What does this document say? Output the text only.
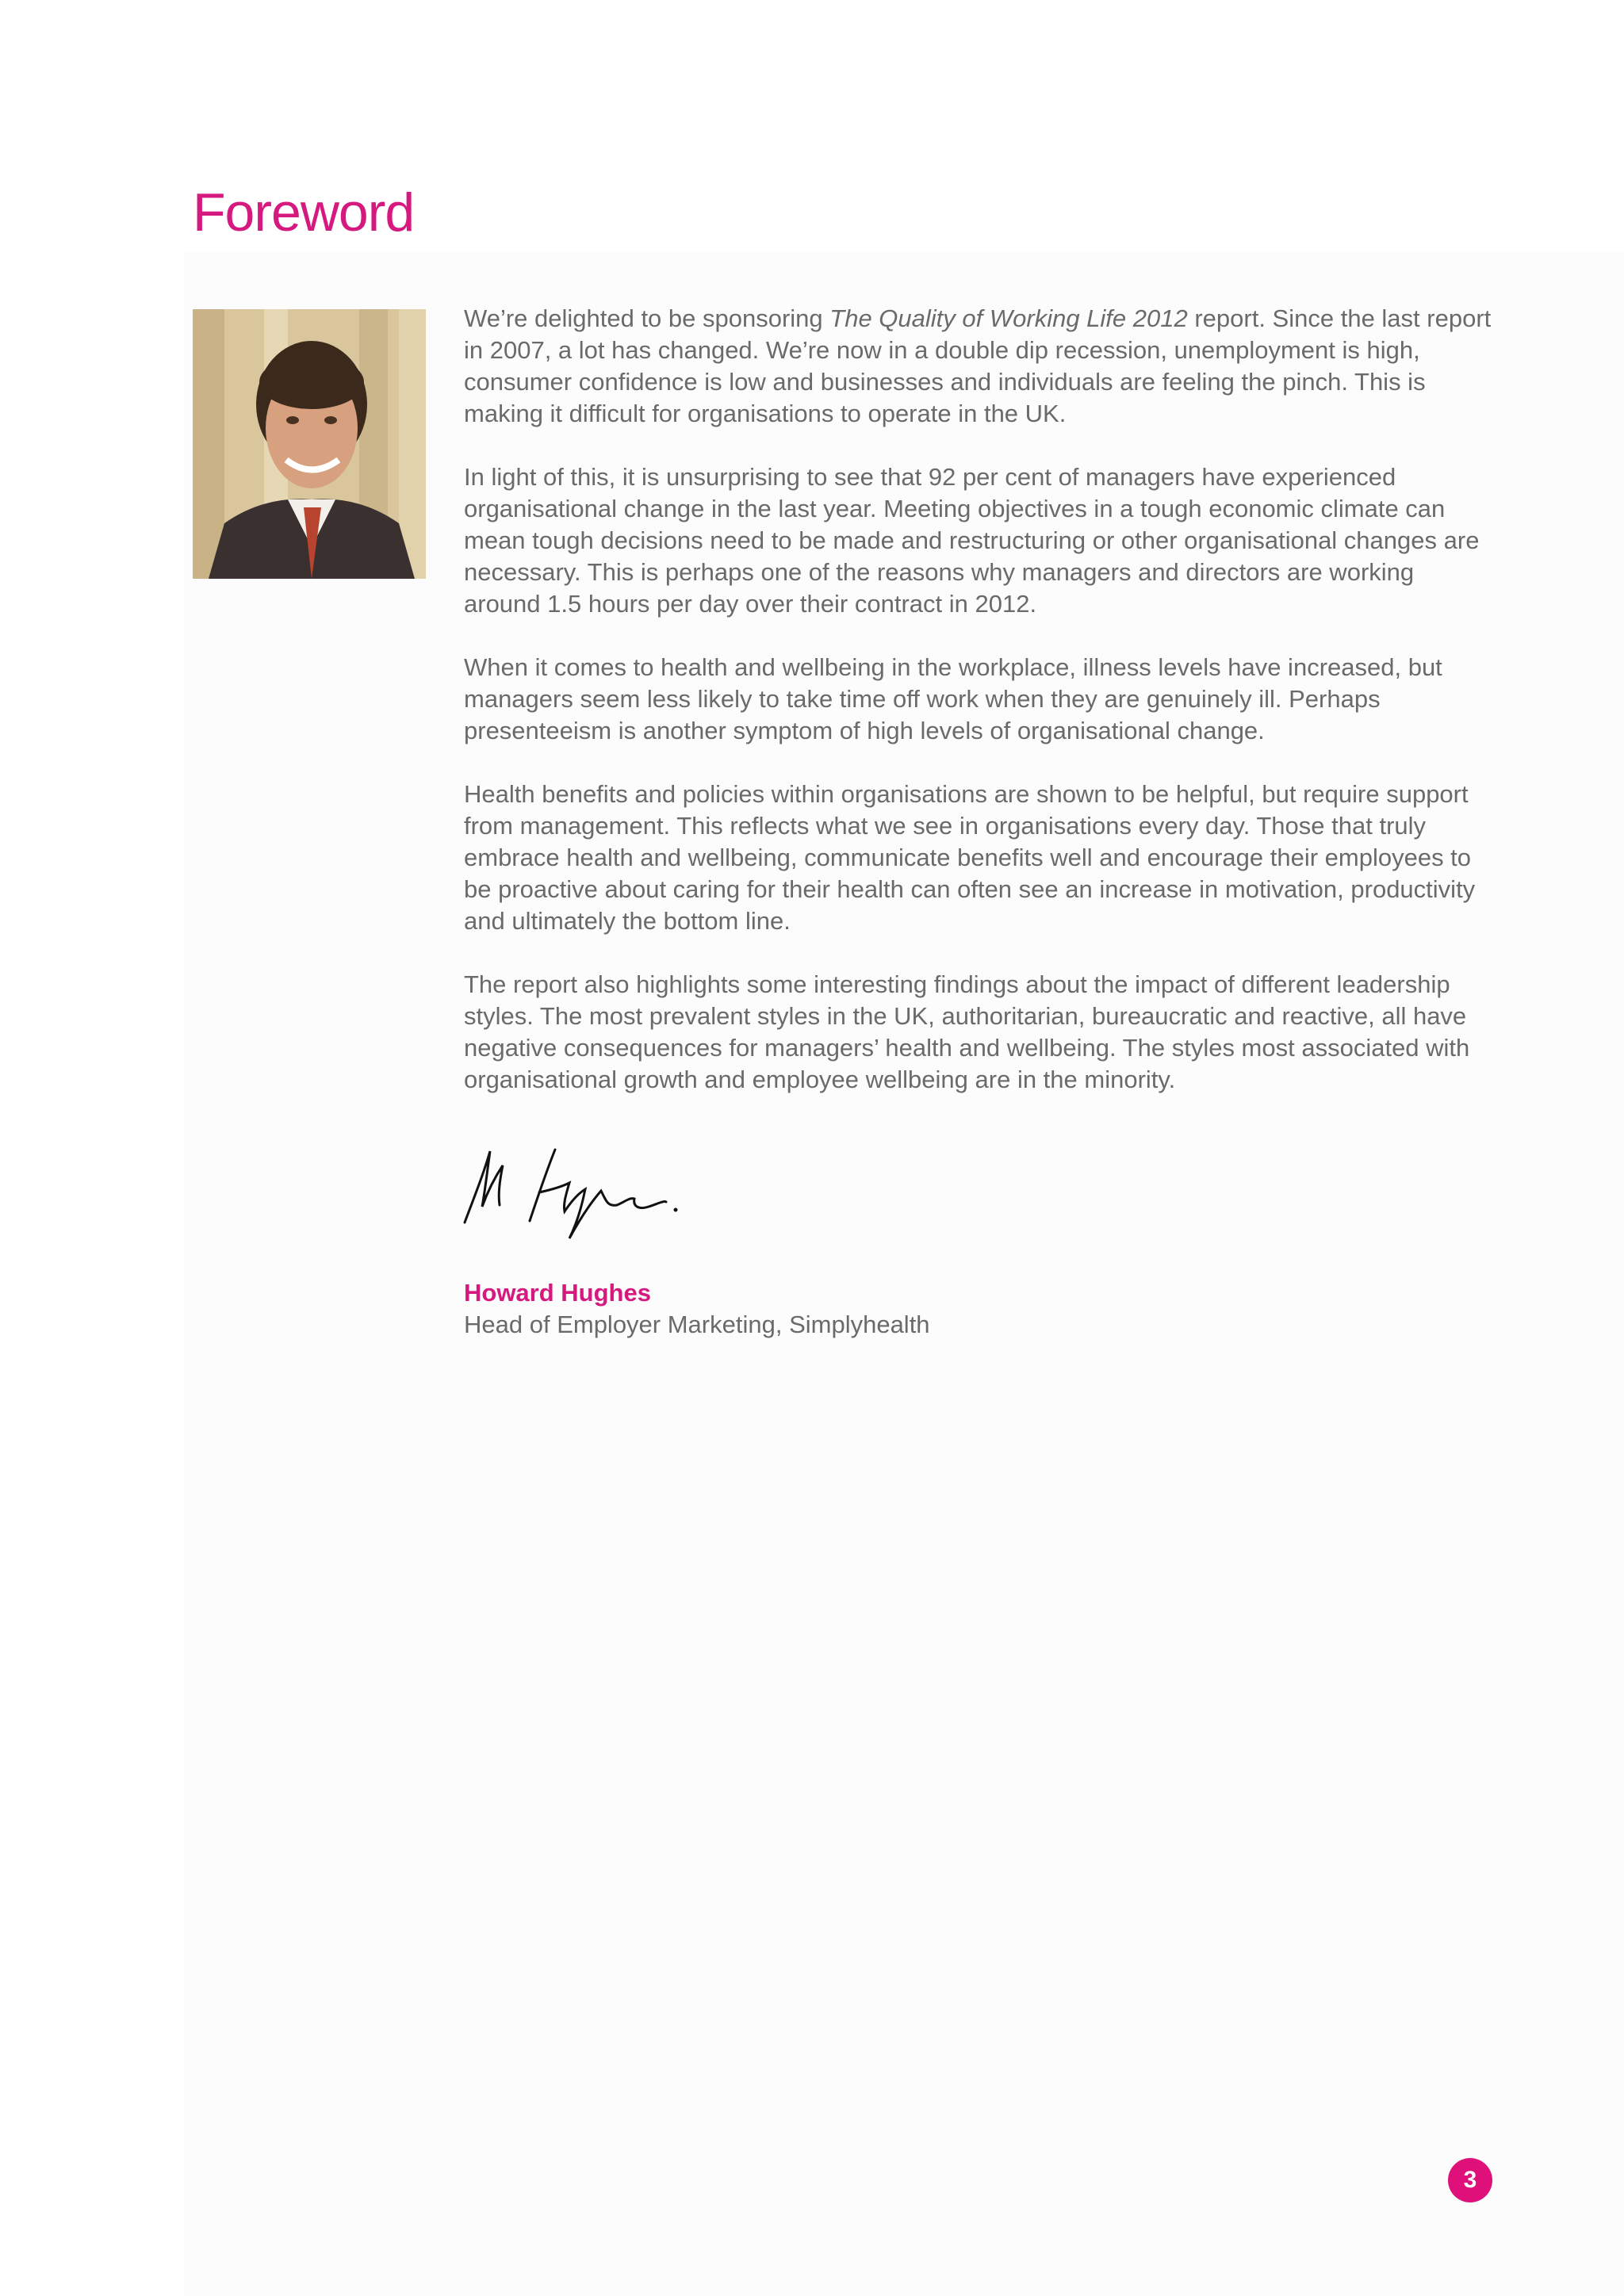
Foreword

We’re delighted to be sponsoring The Quality of Working Life 2012 report. Since the last report in 2007, a lot has changed. We’re now in a double dip recession, unemployment is high, consumer confidence is low and businesses and individuals are feeling the pinch. This is making it difficult for organisations to operate in the UK.

In light of this, it is unsurprising to see that 92 per cent of managers have experienced organisational change in the last year. Meeting objectives in a tough economic climate can mean tough decisions need to be made and restructuring or other organisational changes are necessary. This is perhaps one of the reasons why managers and directors are working around 1.5 hours per day over their contract in 2012.

When it comes to health and wellbeing in the workplace, illness levels have increased, but managers seem less likely to take time off work when they are genuinely ill. Perhaps presenteeism is another symptom of high levels of organisational change.

Health benefits and policies within organisations are shown to be helpful, but require support from management. This reflects what we see in organisations every day. Those that truly embrace health and wellbeing, communicate benefits well and encourage their employees to be proactive about caring for their health can often see an increase in motivation, productivity and ultimately the bottom line.

The report also highlights some interesting findings about the impact of different leadership styles. The most prevalent styles in the UK, authoritarian, bureaucratic and reactive, all have negative consequences for managers’ health and wellbeing. The styles most associated with organisational growth and employee wellbeing are in the minority.

Howard Hughes
Head of Employer Marketing, Simplyhealth
3
